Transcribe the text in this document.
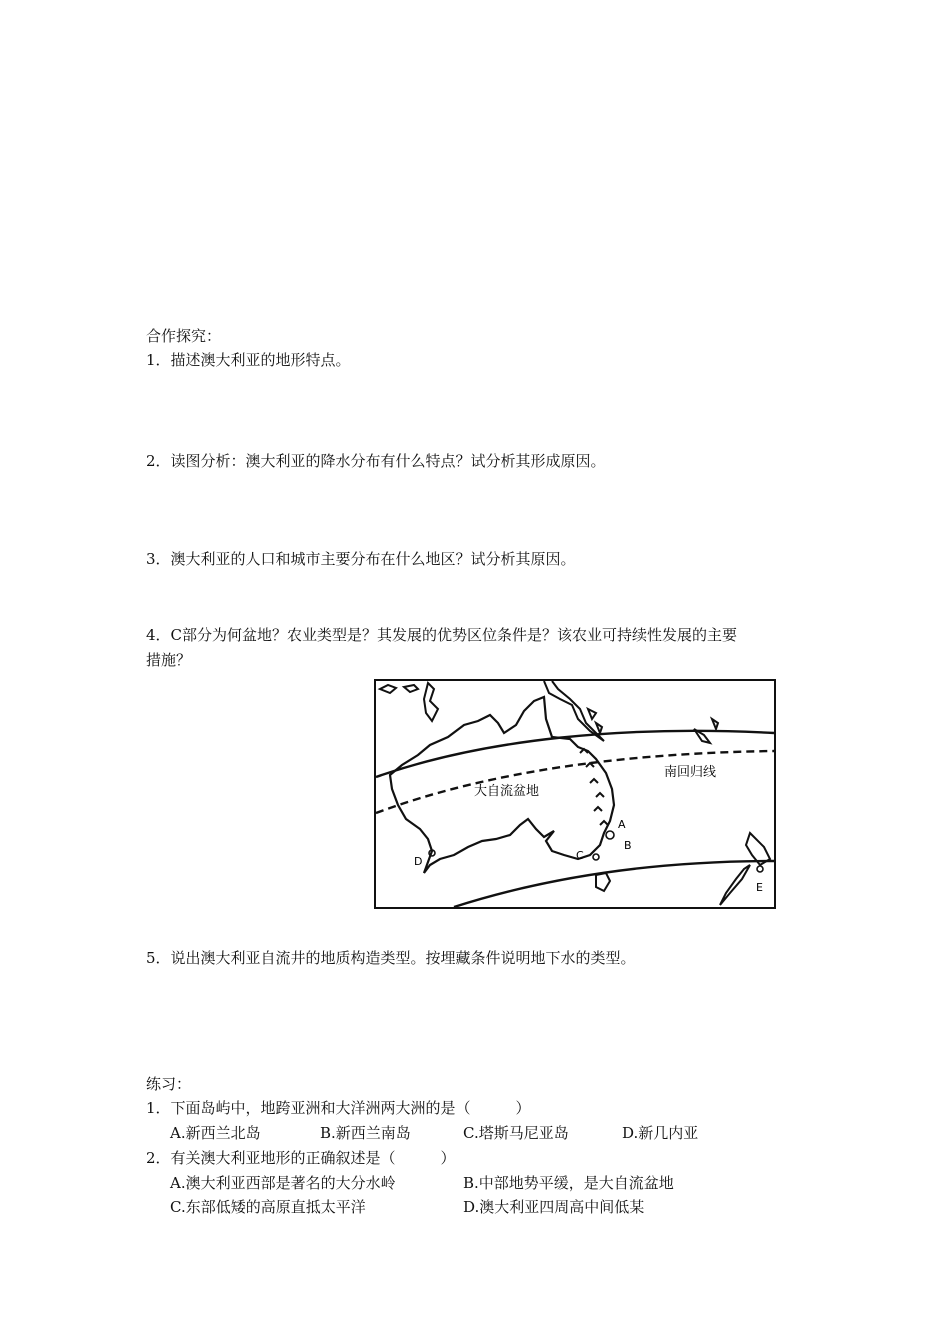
合作探究：
1．描述澳大利亚的地形特点。
2．读图分析：澳大利亚的降水分布有什么特点？试分析其形成原因。
3．澳大利亚的人口和城市主要分布在什么地区？试分析其原因。
4．C部分为何盆地？农业类型是？其发展的优势区位条件是？该农业可持续性发展的主要
措施？
大自流盆地
南回归线
A
B
C
D
E
5．说出澳大利亚自流井的地质构造类型。按埋藏条件说明地下水的类型。
练习：
1．下面岛屿中，地跨亚洲和大洋洲两大洲的是（　　　）
A.新西兰北岛	B.新西兰南岛	C.塔斯马尼亚岛	D.新几内亚
2．有关澳大利亚地形的正确叙述是（　　　）
A.澳大利亚西部是著名的大分水岭	B.中部地势平缓，是大自流盆地
C.东部低矮的高原直抵太平洋	D.澳大利亚四周高中间低某
